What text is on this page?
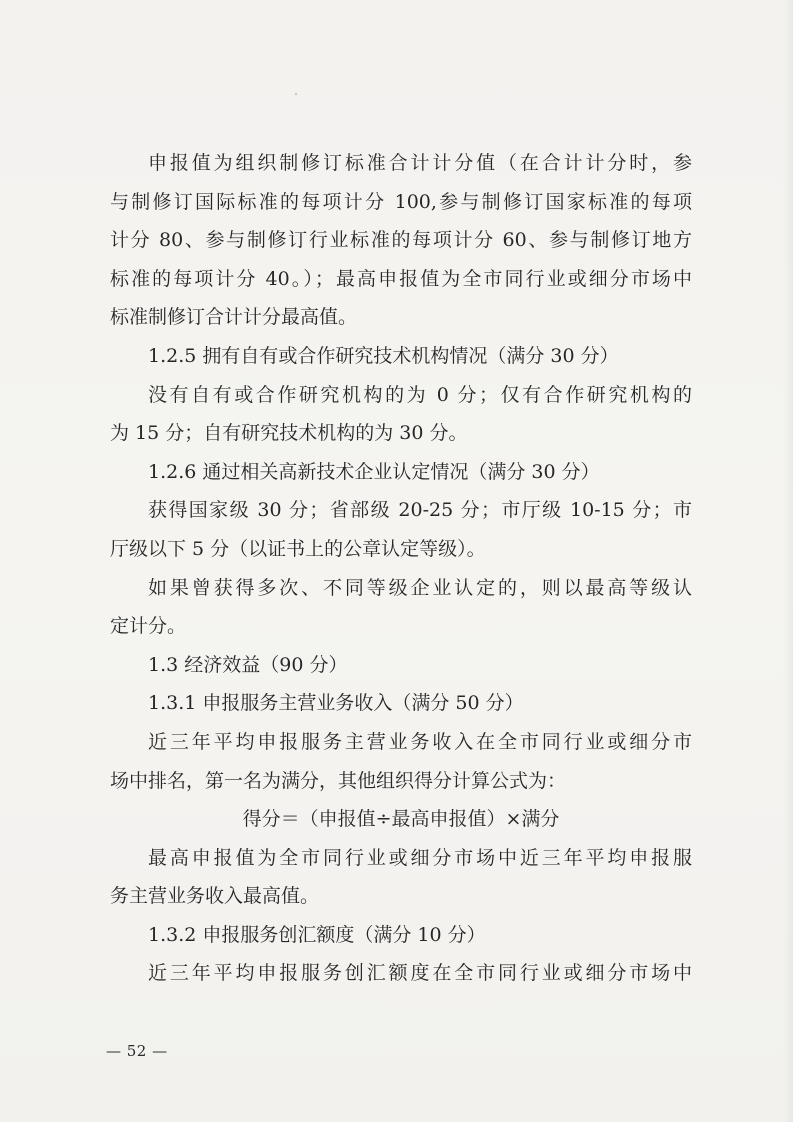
申报值为组织制修订标准合计计分值（在合计计分时，参
与制修订国际标准的每项计分 100,参与制修订国家标准的每项
计分 80、参与制修订行业标准的每项计分 60、参与制修订地方
标准的每项计分 40。）；最高申报值为全市同行业或细分市场中
标准制修订合计计分最高值。
1.2.5 拥有自有或合作研究技术机构情况（满分 30 分）
没有自有或合作研究机构的为 0 分；仅有合作研究机构的
为 15 分；自有研究技术机构的为 30 分。
1.2.6 通过相关高新技术企业认定情况（满分 30 分）
获得国家级 30 分；省部级 20-25 分；市厅级 10-15 分；市
厅级以下 5 分（以证书上的公章认定等级）。
如果曾获得多次、不同等级企业认定的，则以最高等级认
定计分。
1.3 经济效益（90 分）
1.3.1 申报服务主营业务收入（满分 50 分）
近三年平均申报服务主营业务收入在全市同行业或细分市
场中排名，第一名为满分，其他组织得分计算公式为：
得分＝（申报值÷最高申报值）×满分
最高申报值为全市同行业或细分市场中近三年平均申报服
务主营业务收入最高值。
1.3.2 申报服务创汇额度（满分 10 分）
近三年平均申报服务创汇额度在全市同行业或细分市场中
— 52 —
